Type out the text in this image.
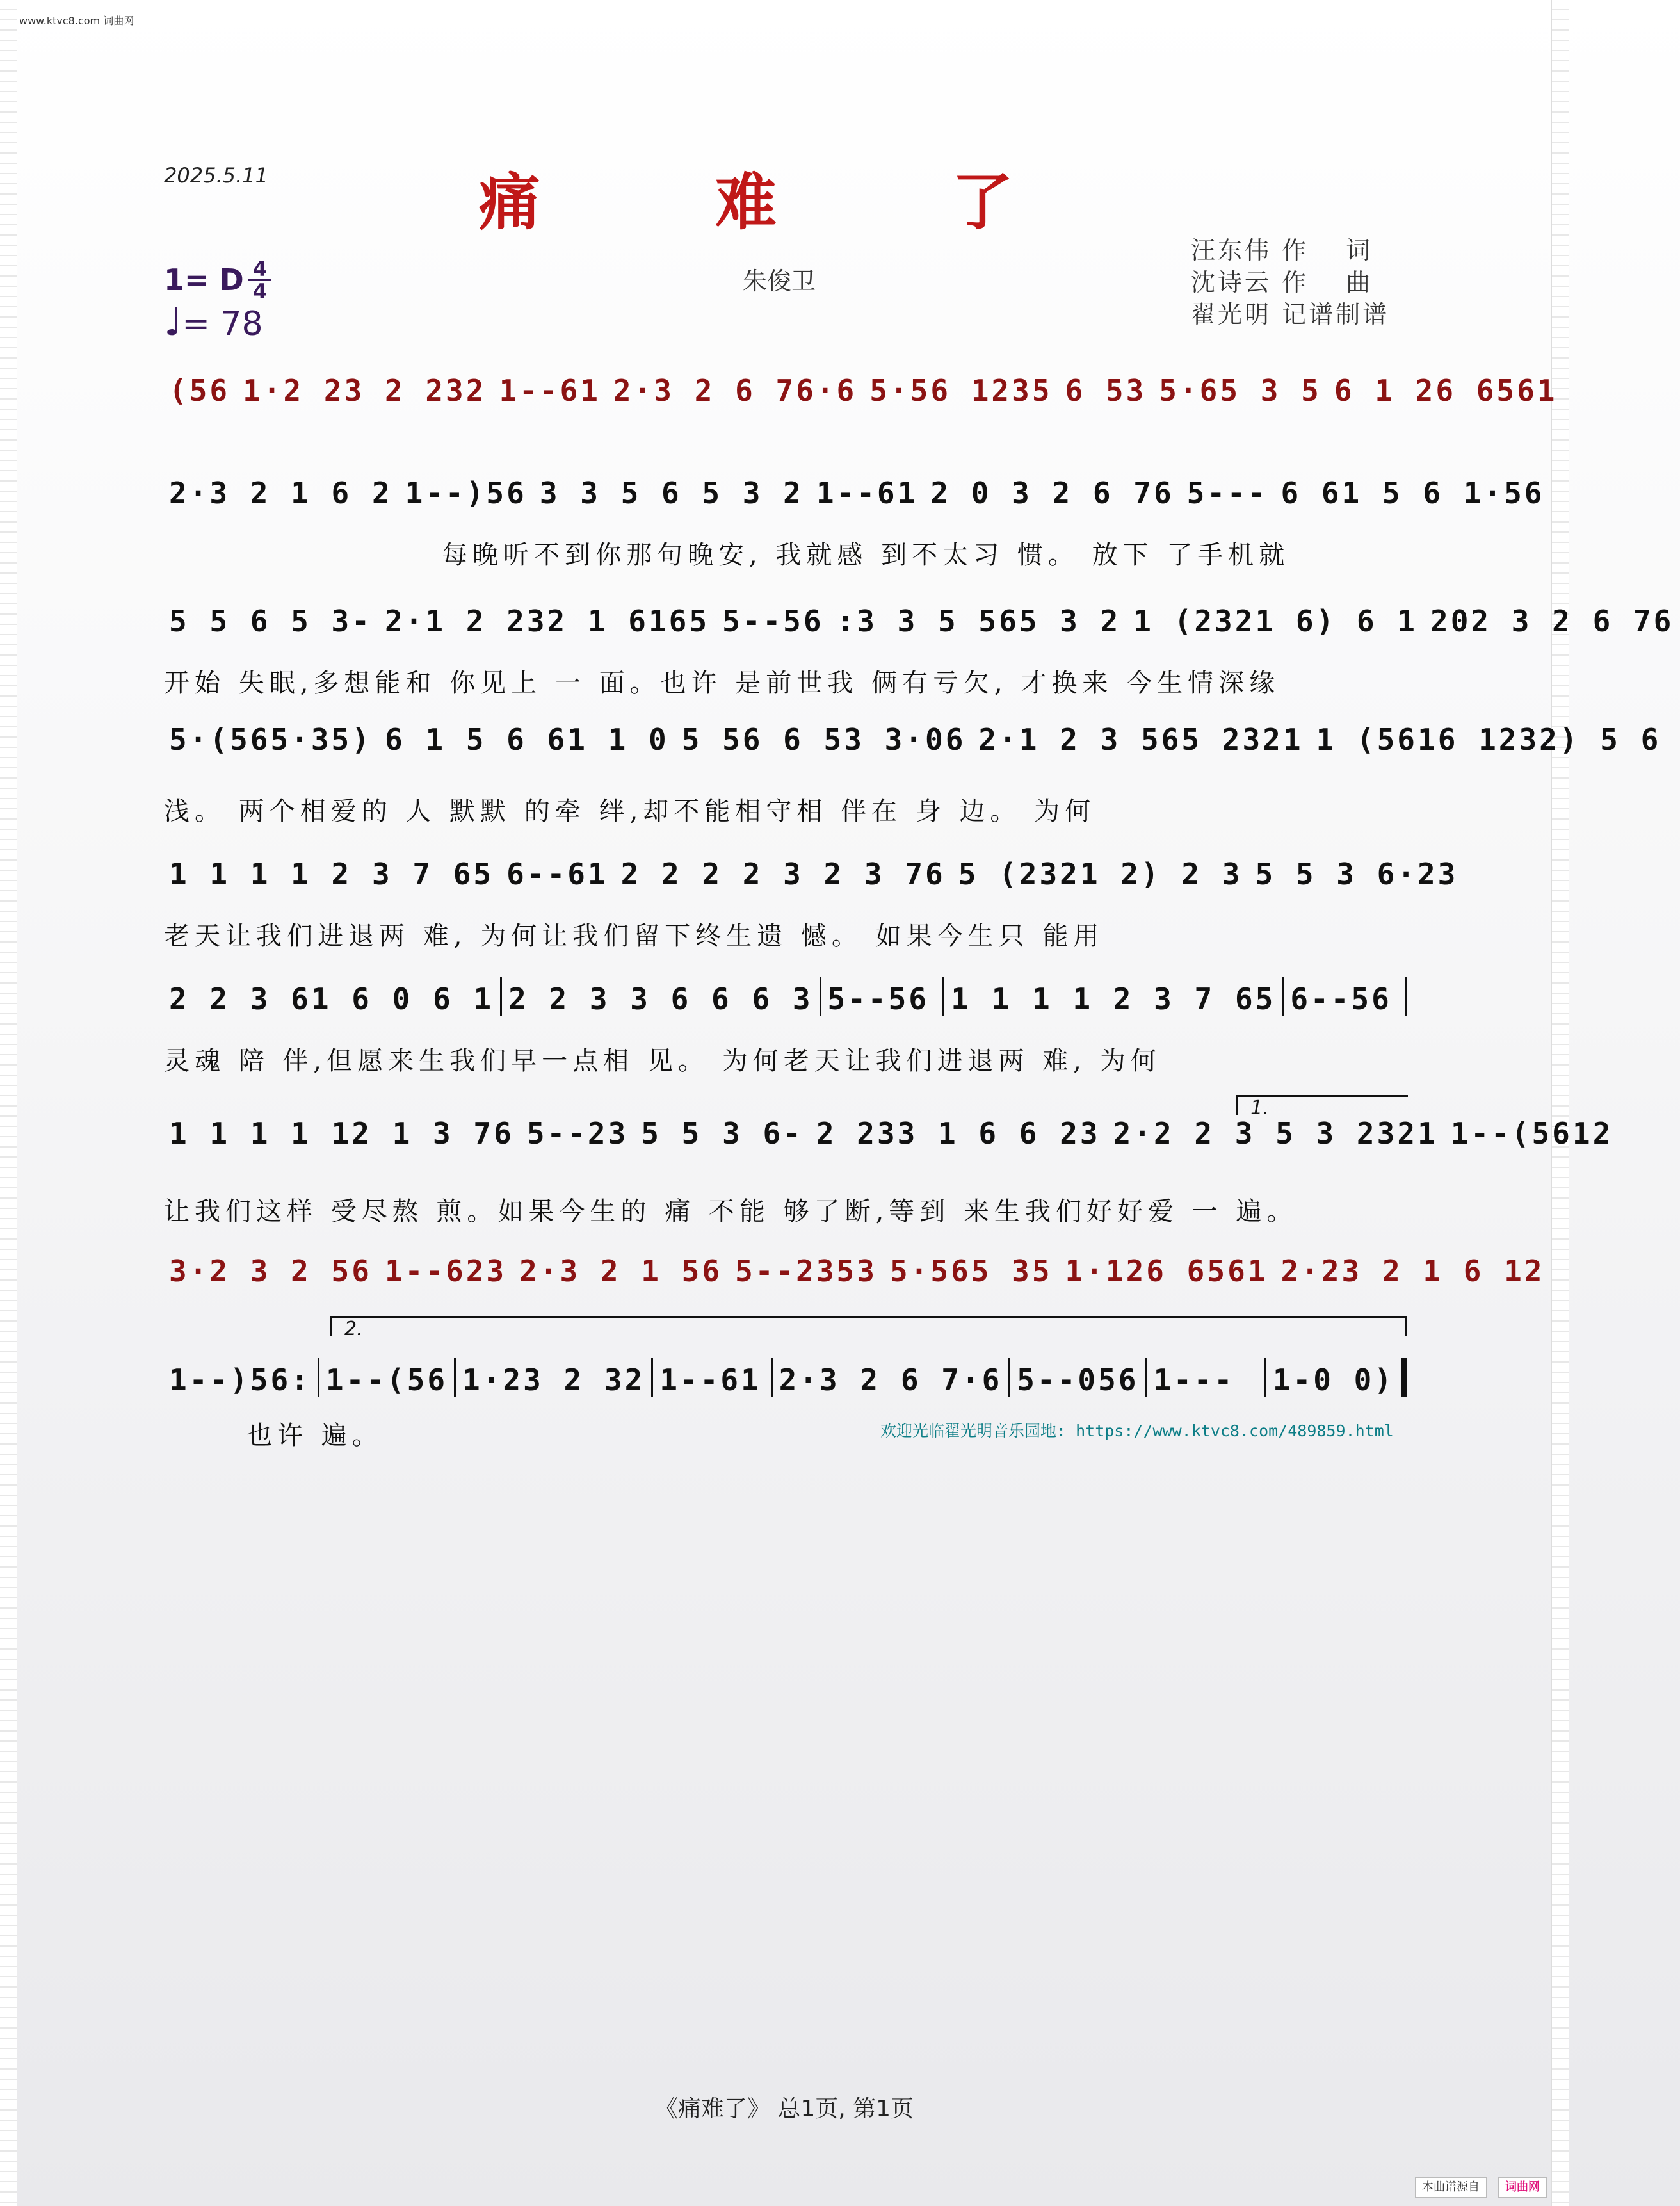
www.ktvc8.com 词曲网
2025.5.11	痛 难 了
朱俊卫
汪东伟 作　 词
沈诗云 作　 曲
翟光明 记谱制谱
1= D 4
4
♩= 78
(56 1·2 23 2 232 1--61 2·3 2 6 76·6 5·56 1235 6 53 5·65 3 5 6 1 26 6561
2·3 2 1 6 2 1--)56 3 3 5 6 5 3 2 1--61 2 0 3 2 6 76 5--- 6 61 5 6 1·56
5 5 6 5 3- 2·1 2 232 1 6165 5--56 :3 3 5 565 3 2 1 (2321 6) 6 1 202 3 2 6 76
5·(565·35) 6 1 5 6 61 1 0 5 56 6 53 3·06 2·1 2 3 565 2321 1 (5616 1232) 5 6
1 1 1 1 2 3 7 65 6--61 2 2 2 2 3 2 3 76 5 (2321 2) 2 3 5 5 3 6·23
2 2 3 61 6 0 6 1 2 2 3 3 6 6 6 3 5--56 1 1 1 1 2 3 7 65 6--56
1 1 1 1 12 1 3 76 5--23 5 5 3 6- 2 233 1 6 6 23 2·2 2 3 5 3 2321 1--(5612
3·2 3 2 56 1--623 2·3 2 1 56 5--2353 5·565 35 1·126 6561 2·23 2 1 6 12
1--)56: 1--(56 1·23 2 32 1--61 2·3 2 6 7·6 5--056 1---	1-0 0)
每晚听不到你那句晚安, 我就感 到不太习 惯。 放下 了手机就
开始 失眠,多想能和 你见上 一 面。也许 是前世我 俩有亏欠, 才换来 今生情深缘
浅。 两个相爱的 人 默默 的牵 绊,却不能相守相 伴在 身 边。 为何
老天让我们进退两 难, 为何让我们留下终生遗 憾。 如果今生只 能用
灵魂 陪 伴,但愿来生我们早一点相 见。 为何老天让我们进退两 难, 为何
让我们这样 受尽熬 煎。如果今生的 痛 不能 够了断,等到 来生我们好好爱 一 遍。
也许 遍。
1.
2.
欢迎光临翟光明音乐园地: https://www.ktvc8.com/489859.html
《痛难了》 总1页, 第1页
本曲谱源自	词曲网
